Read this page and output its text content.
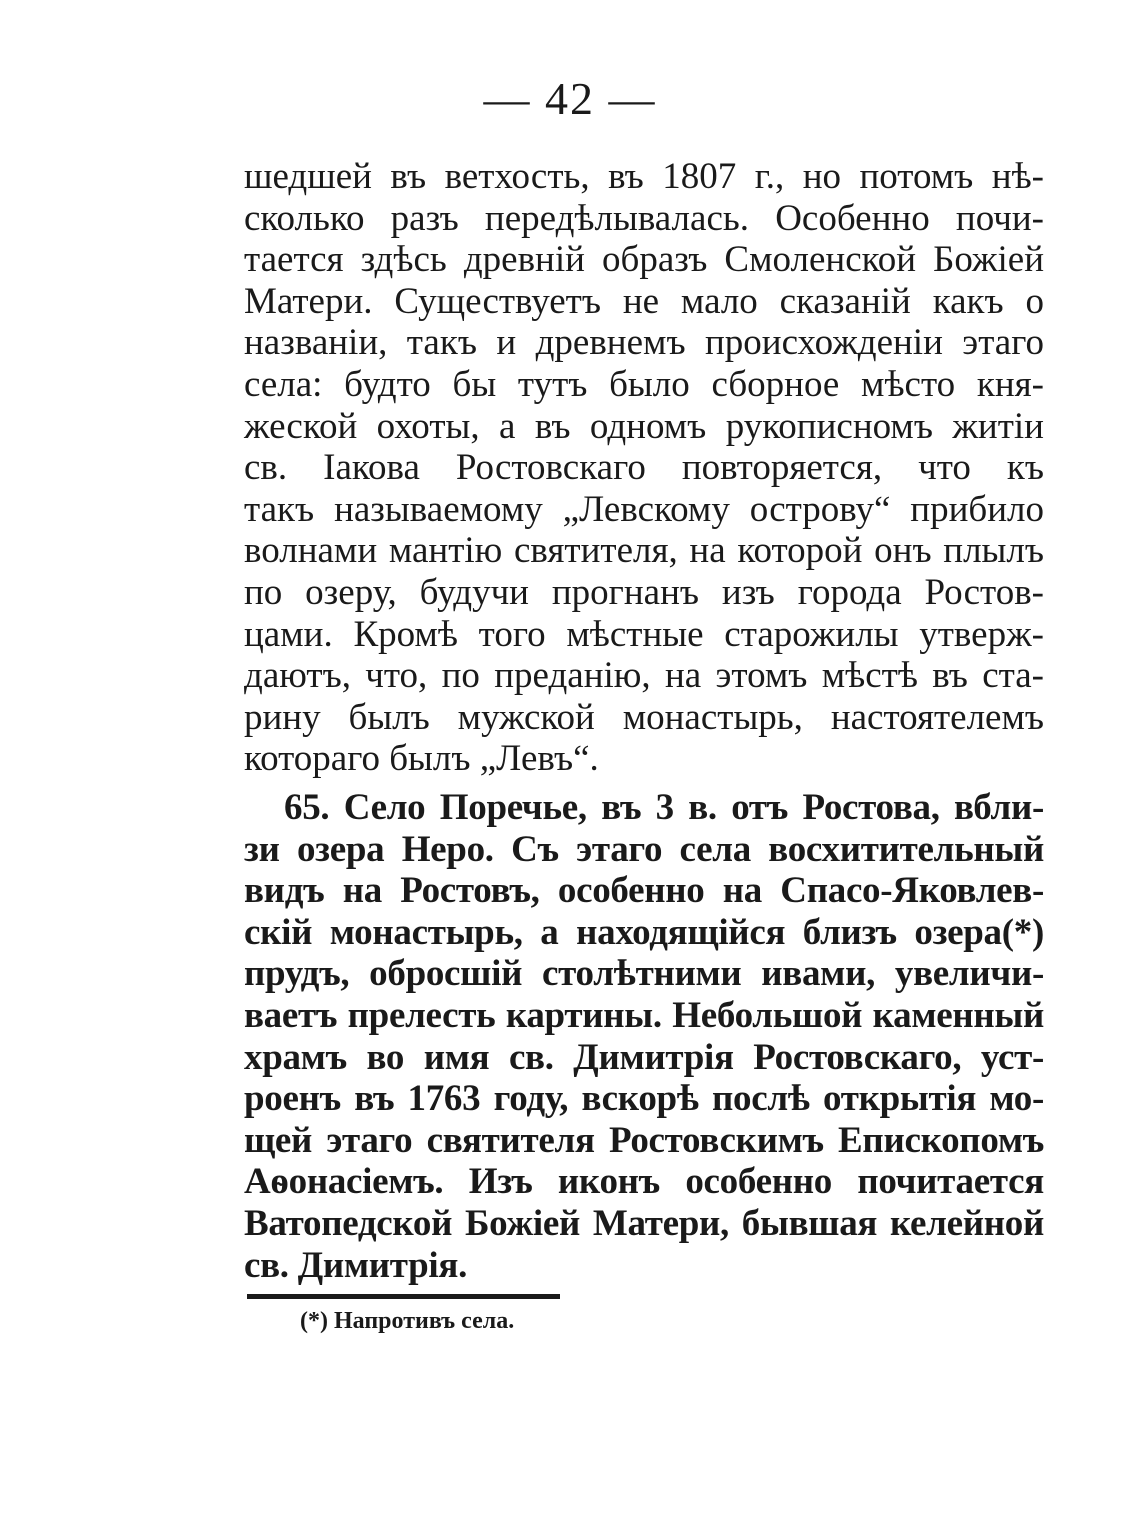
— 42 —
шедшей въ ветхость, въ 1807 г., но потомъ нѣ-
сколько разъ передѣлывалась. Особенно почи-
тается здѣсь древній образъ Смоленской Божіей
Матери. Существуетъ не мало сказаній какъ о
названіи, такъ и древнемъ происхожденіи этаго
села: будто бы тутъ было сборное мѣсто кня-
жеской охоты, а въ одномъ рукописномъ житіи
св. Іакова Ростовскаго повторяется, что къ
такъ называемому „Левскому острову“ прибило
волнами мантію святителя, на которой онъ плылъ
по озеру, будучи прогнанъ изъ города Ростов-
цами. Кромѣ того мѣстные старожилы утверж-
даютъ, что, по преданію, на этомъ мѣстѣ въ ста-
рину былъ мужской монастырь, настоятелемъ
котораго былъ „Левъ“.
65. Село Поречье, въ 3 в. отъ Ростова, вбли-
зи озера Неро. Съ этаго села восхитительный
видъ на Ростовъ, особенно на Спасо-Яковлев-
скій монастырь, а находящійся близъ озера(*)
прудъ, обросшій столѣтними ивами, увеличи-
ваетъ прелесть картины. Небольшой каменный
храмъ во имя св. Димитрія Ростовскаго, уст-
роенъ въ 1763 году, вскорѣ послѣ открытія мо-
щей этаго святителя Ростовскимъ Епископомъ
Аѳонасіемъ. Изъ иконъ особенно почитается
Ватопедской Божіей Матери, бывшая келейной
св. Димитрія.
(*) Напротивъ села.
